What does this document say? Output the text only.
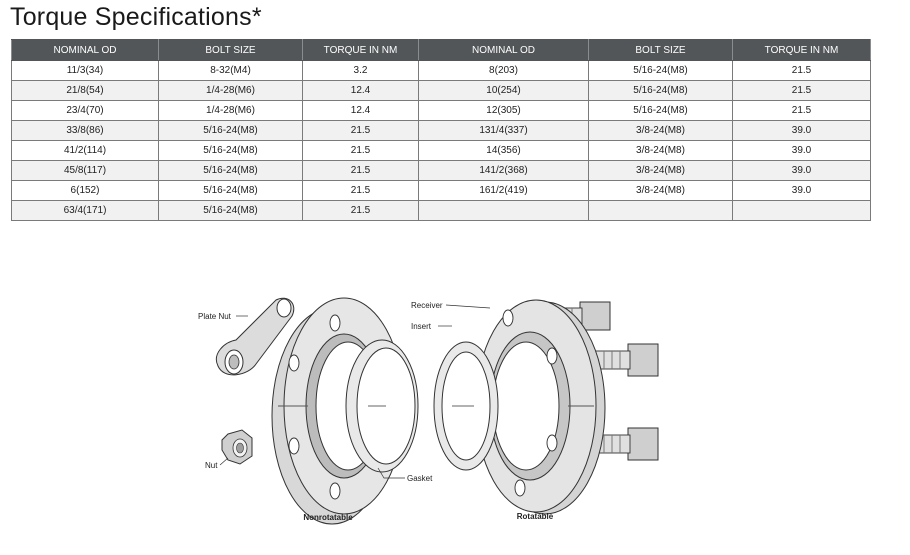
Torque Specifications*
NOMINAL OD	BOLT SIZE	TORQUE IN NM	NOMINAL OD	BOLT SIZE	TORQUE IN NM
11/3(34)	8-32(M4)	3.2	8(203)	5/16-24(M8)	21.5
21/8(54)	1/4-28(M6)	12.4	10(254)	5/16-24(M8)	21.5
23/4(70)	1/4-28(M6)	12.4	12(305)	5/16-24(M8)	21.5
33/8(86)	5/16-24(M8)	21.5	131/4(337)	3/8-24(M8)	39.0
41/2(114)	5/16-24(M8)	21.5	14(356)	3/8-24(M8)	39.0
45/8(117)	5/16-24(M8)	21.5	141/2(368)	3/8-24(M8)	39.0
6(152)	5/16-24(M8)	21.5	161/2(419)	3/8-24(M8)	39.0
63/4(171)	5/16-24(M8)	21.5			
Plate Nut
Nut
Gasket
Receiver
Insert
Nonrotatable	Rotatable
